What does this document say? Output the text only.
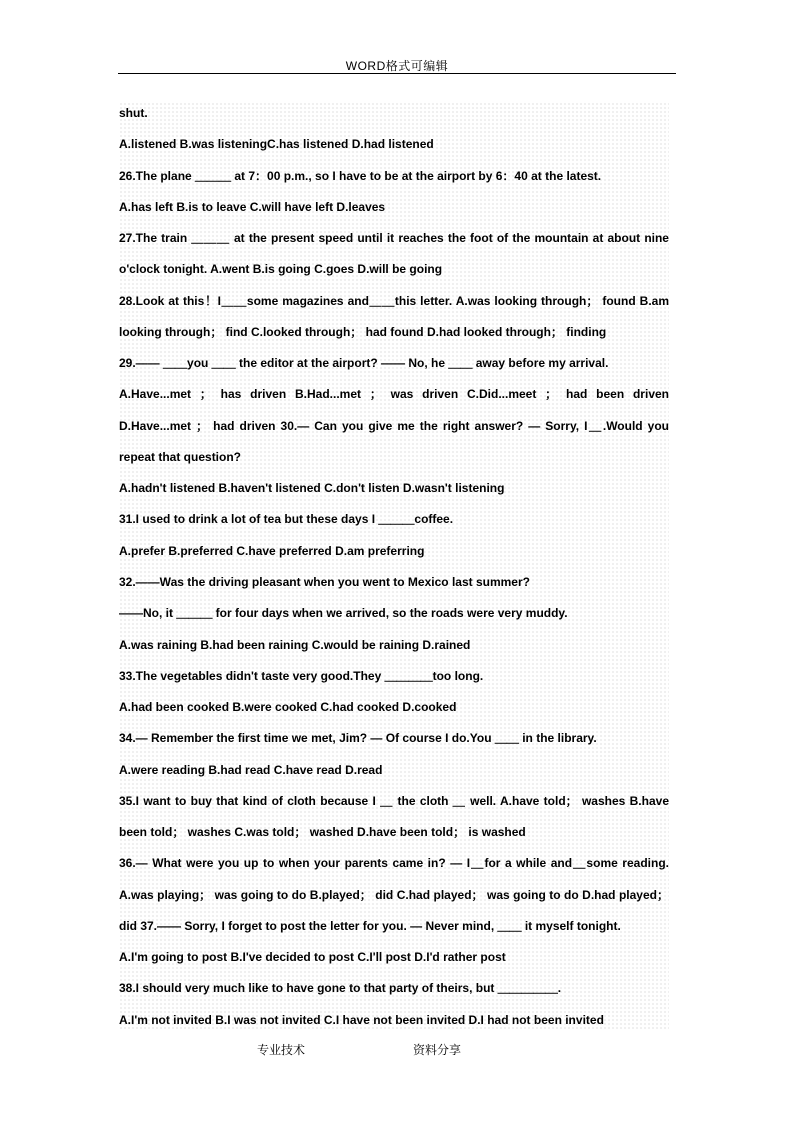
WORD格式可编辑
shut.
A.listened B.was listeningC.has listened D.had listened
26.The plane ＿＿＿ at 7：00 p.m., so I have to be at the airport by 6：40 at the latest.
A.has left B.is to leave C.will have left D.leaves
27.The train ＿＿＿ at the present speed until it reaches the foot of the mountain at about nine
o'clock tonight. A.went B.is going C.goes D.will be going
28.Look at this！I＿＿some magazines and＿＿this letter. A.was looking through； found B.am
looking through； find C.looked through； had found D.had looked through； finding
29.—— ＿＿you ＿＿ the editor at the airport? —— No, he ＿＿ away before my arrival.
A.Have...met ； has driven B.Had...met ； was driven C.Did...meet ； had been driven
D.Have...met ； had driven 30.— Can you give me the right answer? — Sorry, I＿.Would you
repeat that question?
A.hadn't listened B.haven't listened C.don't listen D.wasn't listening
31.I used to drink a lot of tea but these days I ＿＿＿coffee.
A.prefer B.preferred C.have preferred D.am preferring
32.——Was the driving pleasant when you went to Mexico last summer?
——No, it ＿＿＿ for four days when we arrived, so the roads were very muddy.
A.was raining B.had been raining C.would be raining D.rained
33.The vegetables didn't taste very good.They ＿＿＿＿too long.
A.had been cooked B.were cooked C.had cooked D.cooked
34.— Remember the first time we met, Jim? — Of course I do.You ＿＿ in the library.
A.were reading B.had read C.have read D.read
35.I want to buy that kind of cloth because I ＿ the cloth ＿ well. A.have told； washes B.have
been told； washes C.was told； washed D.have been told； is washed
36.— What were you up to when your parents came in? — I＿for a while and＿some reading.
A.was playing； was going to do B.played； did C.had played； was going to do D.had played；
did 37.—— Sorry, I forget to post the letter for you. — Never mind, ＿＿ it myself tonight.
A.I'm going to post B.I've decided to post C.I'll post D.I'd rather post
38.I should very much like to have gone to that party of theirs, but ＿＿＿＿＿.
A.I'm not invited B.I was not invited C.I have not been invited D.I had not been invited
专业技术	资料分享
